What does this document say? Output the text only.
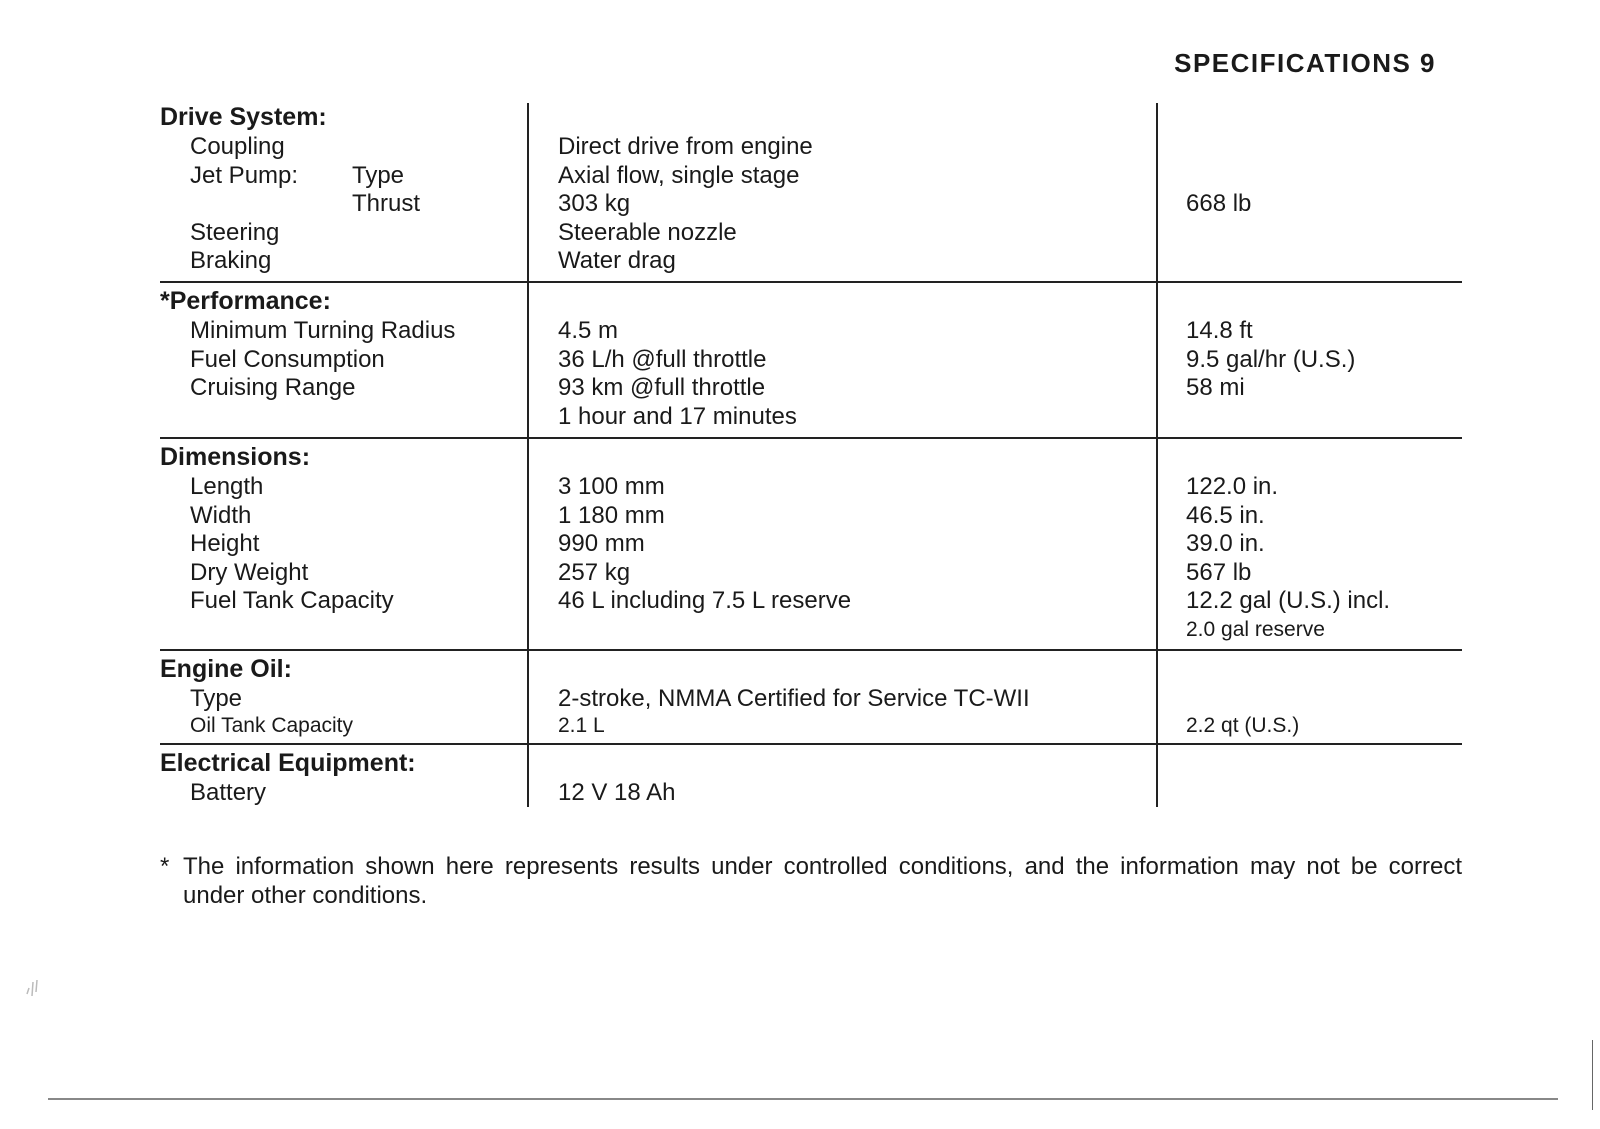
SPECIFICATIONS 9
Drive System:
Coupling	Direct drive from engine
Jet Pump: Type	Axial flow, single stage
Thrust	303 kg	668 lb
Steering	Steerable nozzle
Braking	Water drag
*Performance:
Minimum Turning Radius	4.5 m	14.8 ft
Fuel Consumption	36 L/h @full throttle	9.5 gal/hr (U.S.)
Cruising Range	93 km @full throttle	58 mi
1 hour and 17 minutes
Dimensions:
Length	3 100 mm	122.0 in.
Width	1 180 mm	46.5 in.
Height	990 mm	39.0 in.
Dry Weight	257 kg	567 lb
Fuel Tank Capacity	46 L including 7.5 L reserve	12.2 gal (U.S.) incl.
2.0 gal reserve
Engine Oil:
Type	2-stroke, NMMA Certified for Service TC-WII
Oil Tank Capacity	2.1 L	2.2 qt (U.S.)
Electrical Equipment:
Battery	12 V 18 Ah
* The information shown here represents results under controlled conditions, and the information may not be correct under other conditions.
